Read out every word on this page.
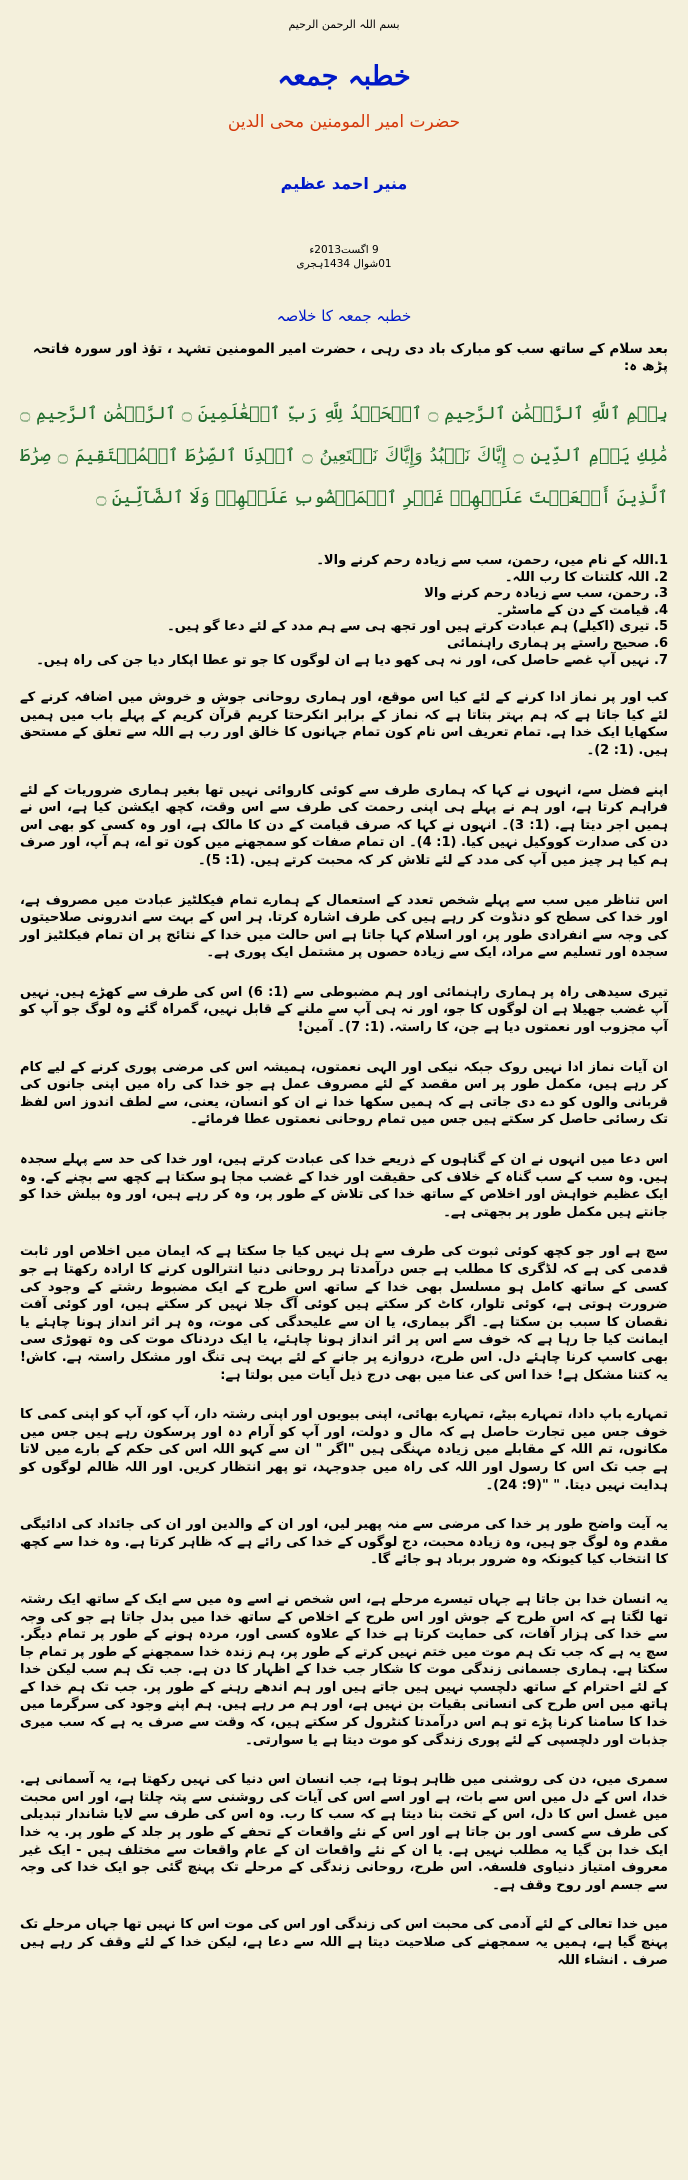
بسم اللہ الرحمن الرحیم
خطبہ جمعہ
حضرت امیر المومنین محی الدین
منیر احمد عظیم
9 اگست2013ء
01شوال 1434ہجری
خطبہ جمعہ کا خلاصہ

بعد سلام کے ساتھ سب کو مبارک باد دی رہی ، حضرت امیر المومنین تشہد ، تؤذ اور سورہ فاتحہ پڑھ ہ:

بِسۡمِ ٱللَّهِ ٱلرَّحۡمَٰنِ ٱلرَّحِيمِ ۝ ٱلۡحَمۡدُ لِلَّهِ رَبِّ ٱلۡعَٰلَمِينَ ۝ ٱلرَّحۡمَٰنِ ٱلرَّحِيمِ ۝ مَٰلِكِ يَوۡمِ ٱلدِّينِ ۝ إِيَّاكَ نَعۡبُدُ وَإِيَّاكَ نَسۡتَعِينُ ۝ ٱهۡدِنَا ٱلصِّرَٰطَ ٱلۡمُسۡتَقِيمَ ۝ صِرَٰطَ ٱلَّذِينَ أَنۡعَمۡتَ عَلَيۡهِمۡ غَيۡرِ ٱلۡمَغۡضُوبِ عَلَيۡهِمۡ وَلَا ٱلضَّآلِّينَ ۝
1.اللہ کے نام میں، رحمن، سب سے زیادہ رحم کرنے والا۔
2. اللہ کلتنات کا رب اللہ۔
3. رحمن، سب سے زیادہ رحم کرنے والا
4. قیامت کے دن کے ماسٹر۔
5. تیری (اکیلے) ہم عبادت کرتے ہیں اور تجھ ہی سے ہم مدد کے لئے دعا گو ہیں۔
6. صحیح راستے پر ہماری راہنمائی
7. نہیں آپ غصے حاصل کی، اور نہ ہی کھو دیا ہے ان لوگوں کا جو تو عطا اپکار دیا جن کی راہ ہیں۔

کب اور پر نماز ادا کرنے کے لئے کیا اس موقع، اور ہماری روحانی جوش و خروش میں اضافہ کرنے کے لئے کیا جاتا ہے کہ ہم بہتر بتاتا ہے کہ نماز کے برابر انکرحتا کریم قرآن کریم کے پہلے باب میں ہمیں سکھایا ایک خدا ہے. تمام تعریف اس نام کون تمام جہانوں کا خالق اور رب ہے اللہ سے تعلق کے مستحق ہیں. (1: 2)۔

اپنے فضل سے، انہوں نے کہا کہ ہماری طرف سے کوئی کاروائی نہیں تھا بغیر ہماری ضروریات کے لئے فراہم کرتا ہے، اور ہم نے پہلے ہی اپنی رحمت کی طرف سے اس وقت، کچھ ایکشن کیا ہے، اس نے ہمیں اجر دیتا ہے. (1: 3)۔ انہوں نے کہا کہ صرف قیامت کے دن کا مالک ہے، اور وہ کسی کو بھی اس دن کی صدارت کووکیل نہیں کیا. (1: 4)۔ ان تمام صفات کو سمجھنے میں کون تو اے، ہم آپ، اور صرف ہم کیا ہر چیز میں آپ کی مدد کے لئے تلاش کر کہ محبت کرتے ہیں. (1: 5)۔

اس تناظر میں سب سے پہلے شخص تعدد کے استعمال کے ہمارے تمام فیکلٹیز عبادت میں مصروف ہے، اور خدا کی سطح کو دنڈوت کر رہے ہیں کی طرف اشارہ کرتا. ہر اس کے بہت سے اندرونی صلاحیتوں کی وجہ سے انفرادی طور پر، اور اسلام کہا جاتا ہے اس حالت میں خدا کے نتائج پر ان تمام فیکلٹیز اور سجدہ اور تسلیم سے مراد، ایک سے زیادہ حصوں پر مشتمل ایک پوری ہے۔

تیری سیدھی راہ پر ہماری راہنمائی اور ہم مضبوطی سے (1: 6) اس کی طرف سے کھڑے ہیں. نہیں آپ غضب جھیلا ہے ان لوگوں کا جو، اور نہ ہی آپ سے ملنے کے قابل نہیں، گمراہ گئے وہ لوگ جو آپ کو آپ مجزوب اور نعمتوں دیا ہے جن، کا راستہ. (1: 7)۔ آمین!

ان آیات نماز ادا نہیں روک جبکہ نیکی اور الہی نعمتوں، ہمیشہ اس کی مرضی پوری کرنے کے لیے کام کر رہے ہیں، مکمل طور پر اس مقصد کے لئے مصروف عمل ہے جو خدا کی راہ میں اپنی جانوں کی قربانی والوں کو دے دی جاتی ہے کہ ہمیں سکھا خدا نے ان کو انسان، یعنی، سے لطف اندوز اس لفظ تک رسائی حاصل کر سکتے ہیں جس میں تمام روحانی نعمتوں عطا فرمائے۔

اس دعا میں انہوں نے ان کے گناہوں کے ذریعے خدا کی عبادت کرتے ہیں، اور خدا کی حد سے پہلے سجدہ ہیں. وہ سب کے سب گناہ کے خلاف کی حقیقت اور خدا کے غضب مجا ہو سکتا ہے کچھ سے بچنے کے. وہ ایک عظیم خواہش اور اخلاص کے ساتھ خدا کی تلاش کے طور پر، وہ کر رہے ہیں، اور وہ بیلش خدا کو جانتے ہیں مکمل طور پر بجھتی ہے۔

سچ ہے اور جو کچھ کوئی ثبوت کی طرف سے ہل نہیں کیا جا سکتا ہے کہ ایمان میں اخلاص اور ثابت قدمی کی ہے کہ لڈگری کا مطلب ہے جس درآمدتا ہر روحانی دنیا انترالوں کرنے کا ارادہ رکھتا ہے جو کسی کے ساتھ کامل ہو مسلسل بھی خدا کے ساتھ اس طرح کے ایک مضبوط رشتے کے وجود کی ضرورت ہوتی ہے، کوئی تلوار، کاٹ کر سکتے ہیں کوئی آگ جلا نہیں کر سکتے ہیں، اور کوئی آفت نقصان کا سبب بن سکتا ہے۔ اگر بیماری، یا ان سے علیحدگی کی موت، وہ ہر اثر انداز ہونا چاہئے یا ایمانت کیا جا رہا ہے کہ خوف سے اس پر اثر انداز ہونا چاہئے، یا ایک دردناک موت کی وہ تھوڑی سی بھی کاسپ کرنا چاہئے دل. اس طرح، دروازے پر جانے کے لئے بہت ہی تنگ اور مشکل راستہ ہے. کاش! یہ کتنا مشکل ہے! خدا اس کی عنا میں بھی درج ذیل آیات میں بولتا ہے:

تمہارے باپ دادا، تمہارے بیٹے، تمہارے بھائی، اپنی بیویوں اور اپنی رشتہ دار، آپ کو، آپ کو اپنی کمی کا خوف جس میں تجارت حاصل ہے کہ مال و دولت، اور آپ کو آرام دہ اور پرسکون رہے ہیں جس میں مکانوں، تم اللہ کے مقابلے میں زیادہ مہنگی ہیں "اگر " ان سے کہو اللہ اس کی حکم کے بارے میں لاتا ہے جب تک اس کا رسول اور اللہ کی راہ میں جدوجہد، تو پھر انتظار کریں. اور اللہ ظالم لوگوں کو ہدایت نہیں دیتا. " "(9: 24)۔

یہ آیت واضح طور پر خدا کی مرضی سے منہ پھیر لیں، اور ان کے والدین اور ان کی جائداد کی ادائیگی مقدم وہ لوگ جو ہیں، وہ زیادہ محبت، دج لوگوں کے خدا کی رائے ہے کہ ظاہر کرتا ہے. وہ خدا سے کچھ کا انتخاب کیا کیونکہ وہ ضرور برباد ہو جائے گا۔

یہ انسان خدا بن جاتا ہے جہاں تیسرے مرحلے ہے، اس شخص نے اسے وہ میں سے ایک کے ساتھ ایک رشتہ تھا لگتا ہے کہ اس طرح کے جوش اور اس طرح کے اخلاص کے ساتھ خدا میں بدل جاتا ہے جو کی وجہ سے خدا کی ہزار آفات، کی حمایت کرتا ہے خدا کے علاوہ کسی اور، مردہ ہونے کے طور پر تمام دیگر. سچ یہ ہے کہ جب تک ہم موت میں ختم نہیں کرتے کے طور پر، ہم زندہ خدا سمجھنے کے طور پر تمام جا سکتا ہے. ہماری جسمانی زندگی موت کا شکار جب خدا کے اظہار کا دن ہے. جب تک ہم سب لیکن خدا کے لئے احترام کے ساتھ دلچسپ نہیں ہیں جاتے ہیں اور ہم اندھے رہنے کے طور پر. جب تک ہم خدا کے ہاتھ میں اس طرح کی انسانی بقیات بن نہیں ہے، اور ہم مر رہے ہیں. ہم اپنے وجود کی سرگرما میں خدا کا سامنا کرنا پڑے تو ہم اس درآمدتا کنٹرول کر سکتے ہیں، کہ وقت سے صرف یہ ہے کہ سب میری جذبات اور دلچسپی کے لئے پوری زندگی کو موت دیتا ہے یا سوارتی۔

سمری میں، دن کی روشنی میں ظاہر ہوتا ہے، جب انسان اس دنیا کی نہیں رکھتا ہے، یہ آسمانی ہے. خدا، اس کے دل میں اس سے بات، ہے اور اسے اس کی آیات کی روشنی سے پتہ چلتا ہے، اور اس محبت میں غسل اس کا دل، اس کے تخت بنا دیتا ہے کہ سب کا رب. وہ اس کی طرف سے لایا شاندار تبدیلی کی طرف سے کسی اور بن جاتا ہے اور اس کے نئے واقعات کے تحفے کے طور پر جلد کے طور پر. یہ خدا ایک خدا بن گیا یہ مطلب نہیں ہے. یا ان کے نئے واقعات ان کے عام واقعات سے مختلف ہیں - ایک غیر معروف امتیاز دنیاوی فلسفہ. اس طرح، روحانی زندگی کے مرحلے تک پہنچ گئی جو ایک خدا کی وجہ سے جسم اور روح وقف ہے۔

میں خدا تعالی کے لئے آدمی کی محبت اس کی زندگی اور اس کی موت اس کا نہیں تھا جہاں مرحلے تک پہنچ گیا ہے، ہمیں یہ سمجھنے کی صلاحیت دیتا ہے اللہ سے دعا ہے، لیکن خدا کے لئے وقف کر رہے ہیں صرف . انشاء اللہ
